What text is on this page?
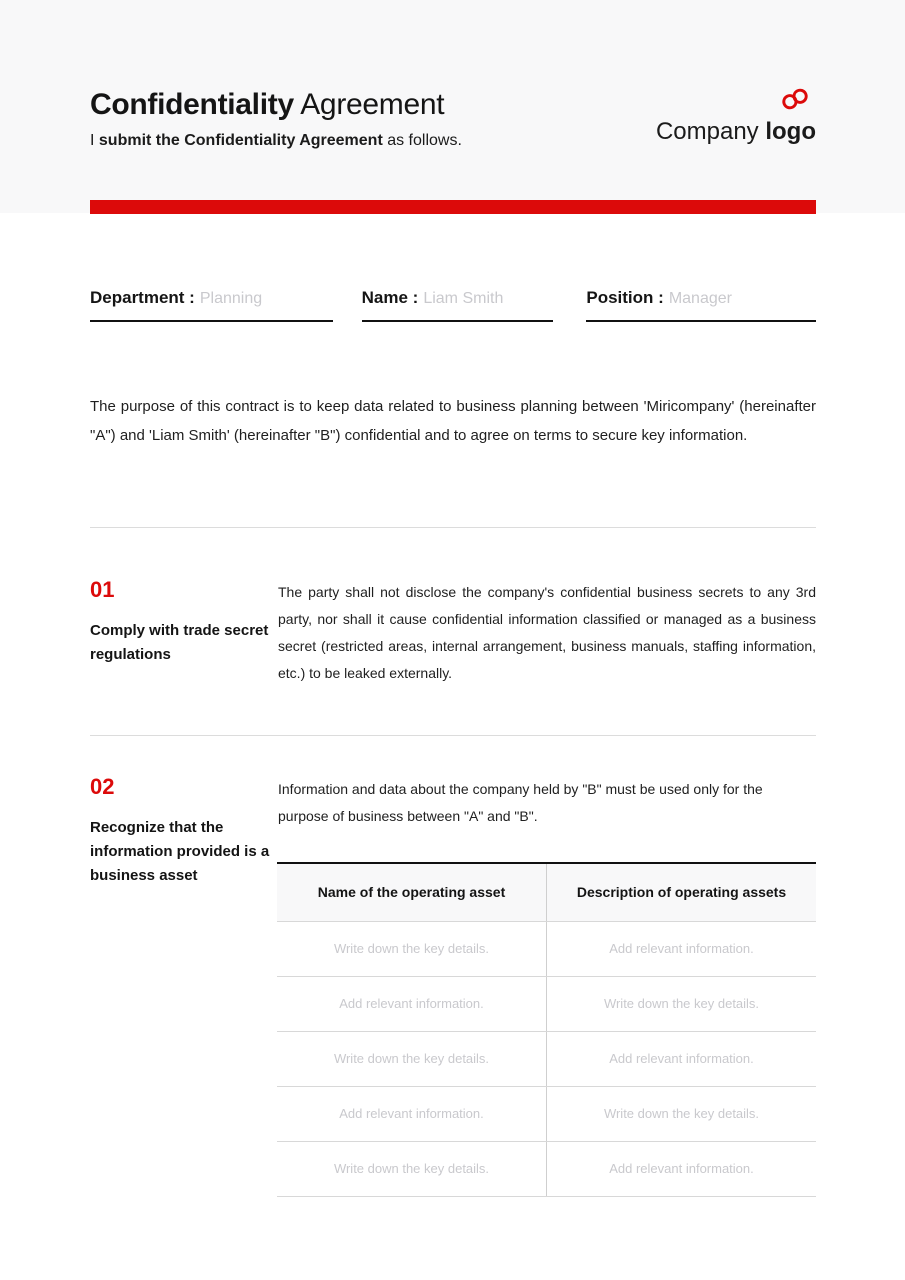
Confidentiality Agreement
I submit the Confidentiality Agreement as follows.	Company logo
Department : Planning	Name : Liam Smith	Position : Manager
The purpose of this contract is to keep data related to business planning between 'Miricompany' (hereinafter "A") and 'Liam Smith' (hereinafter "B") confidential and to agree on terms to secure key information.
01
Comply with trade secret regulations
The party shall not disclose the company's confidential business secrets to any 3rd party, nor shall it cause confidential information classified or managed as a business secret (restricted areas, internal arrangement, business manuals, staffing information, etc.) to be leaked externally.
02
Recognize that the information provided is a business asset
Information and data about the company held by "B" must be used only for the purpose of business between "A" and "B".
Name of the operating asset	Description of operating assets
Write down the key details.	Add relevant information.
Add relevant information.	Write down the key details.
Write down the key details.	Add relevant information.
Add relevant information.	Write down the key details.
Write down the key details.	Add relevant information.
